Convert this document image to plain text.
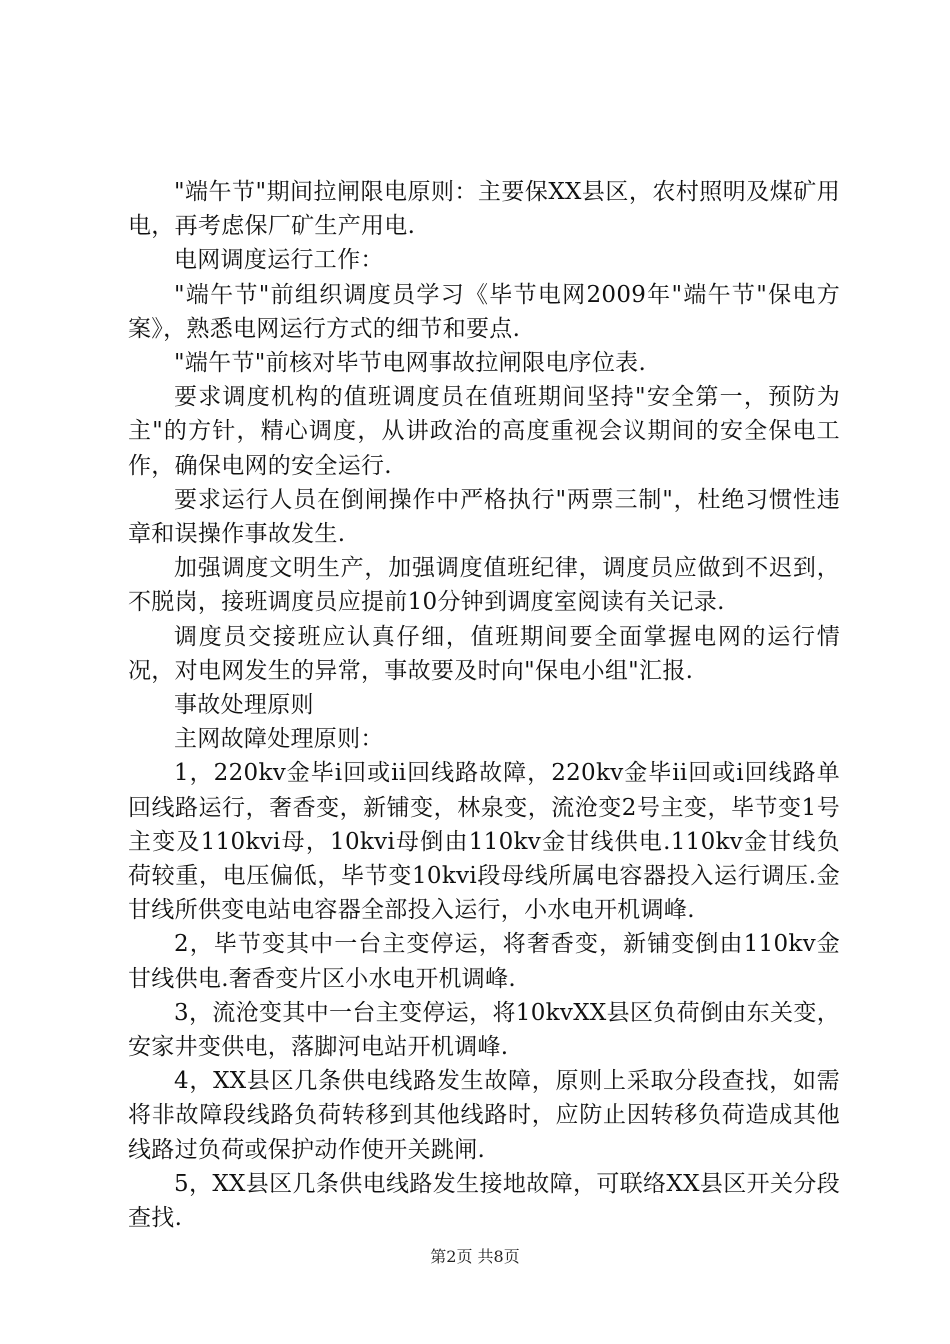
"端午节"期间拉闸限电原则：主要保XX县区，农村照明及煤矿用电，再考虑保厂矿生产用电.

电网调度运行工作：

"端午节"前组织调度员学习《毕节电网2009年"端午节"保电方案》，熟悉电网运行方式的细节和要点.

"端午节"前核对毕节电网事故拉闸限电序位表.

要求调度机构的值班调度员在值班期间坚持"安全第一，预防为主"的方针，精心调度，从讲政治的高度重视会议期间的安全保电工作，确保电网的安全运行.

要求运行人员在倒闸操作中严格执行"两票三制"，杜绝习惯性违章和误操作事故发生.

加强调度文明生产，加强调度值班纪律，调度员应做到不迟到，不脱岗，接班调度员应提前10分钟到调度室阅读有关记录.

调度员交接班应认真仔细，值班期间要全面掌握电网的运行情况，对电网发生的异常，事故要及时向"保电小组"汇报.

事故处理原则

主网故障处理原则：

1，220kv金毕i回或ii回线路故障，220kv金毕ii回或i回线路单回线路运行，奢香变，新铺变，林泉变，流沧变2号主变，毕节变1号主变及110kvi母，10kvi母倒由110kv金甘线供电.110kv金甘线负荷较重，电压偏低，毕节变10kvi段母线所属电容器投入运行调压.金甘线所供变电站电容器全部投入运行，小水电开机调峰.

2，毕节变其中一台主变停运，将奢香变，新铺变倒由110kv金甘线供电.奢香变片区小水电开机调峰.

3，流沧变其中一台主变停运，将10kvXX县区负荷倒由东关变，安家井变供电，落脚河电站开机调峰.

4，XX县区几条供电线路发生故障，原则上采取分段查找，如需将非故障段线路负荷转移到其他线路时，应防止因转移负荷造成其他线路过负荷或保护动作使开关跳闸.

5，XX县区几条供电线路发生接地故障，可联络XX县区开关分段查找.

第2页 共8页
